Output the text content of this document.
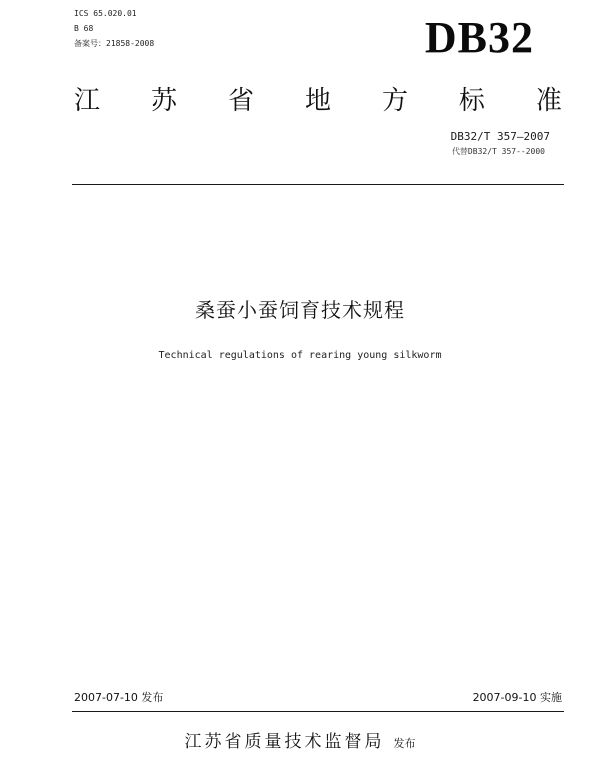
ICS 65.020.01
B 68
备案号：21858-2008	DB32
江 苏 省 地 方 标 准
DB32/T 357—2007
代替DB32/T 357--2000
桑蚕小蚕饲育技术规程
Technical regulations of rearing young silkworm
2007-07-10 发布	2007-09-10 实施
江苏省质量技术监督局 发布
